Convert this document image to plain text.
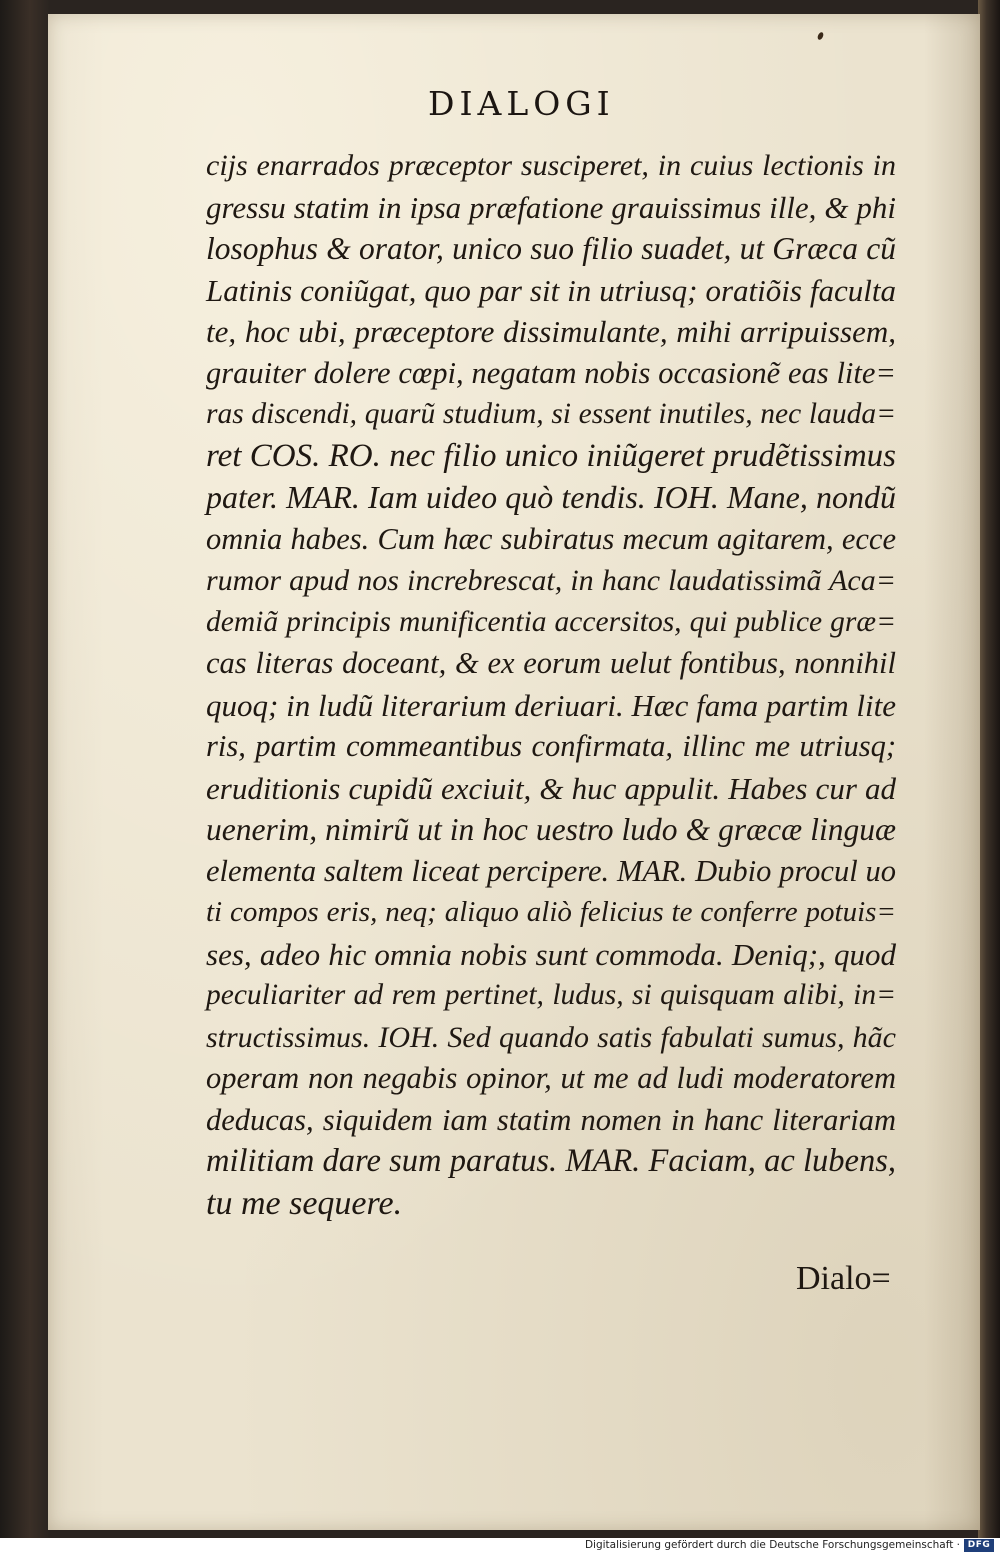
DIALOGI
cijs enarrados præceptor susciperet, in cuius lectionis in
gressu statim in ipsa præfatione grauissimus ille, & phi
losophus & orator, unico suo filio suadet, ut Græca cũ
Latinis coniũgat, quo par sit in utriusq; oratiõis faculta
te, hoc ubi, præceptore dissimulante, mihi arripuissem,
grauiter dolere cœpi, negatam nobis occasionẽ eas lite=
ras discendi, quarũ studium, si essent inutiles, nec lauda=
ret COS. RO. nec filio unico iniũgeret prudẽtissimus
pater. MAR. Iam uideo quò tendis. IOH. Mane, nondũ
omnia habes. Cum hæc subiratus mecum agitarem, ecce
rumor apud nos increbrescat, in hanc laudatissimã Aca=
demiã principis munificentia accersitos, qui publice græ=
cas literas doceant, & ex eorum uelut fontibus, nonnihil
quoq; in ludũ literarium deriuari. Hæc fama partim lite
ris, partim commeantibus confirmata, illinc me utriusq;
eruditionis cupidũ exciuit, & huc appulit. Habes cur ad
uenerim, nimirũ ut in hoc uestro ludo & græcæ linguæ
elementa saltem liceat percipere. MAR. Dubio procul uo
ti compos eris, neq; aliquo aliò felicius te conferre potuis=
ses, adeo hic omnia nobis sunt commoda. Deniq;, quod
peculiariter ad rem pertinet, ludus, si quisquam alibi, in=
structissimus. IOH. Sed quando satis fabulati sumus, hãc
operam non negabis opinor, ut me ad ludi moderatorem
deducas, siquidem iam statim nomen in hanc literariam
militiam dare sum paratus. MAR. Faciam, ac lubens,
tu me sequere.
Dialo=
Digitalisierung gefördert durch die Deutsche Forschungsgemeinschaft · DFG
